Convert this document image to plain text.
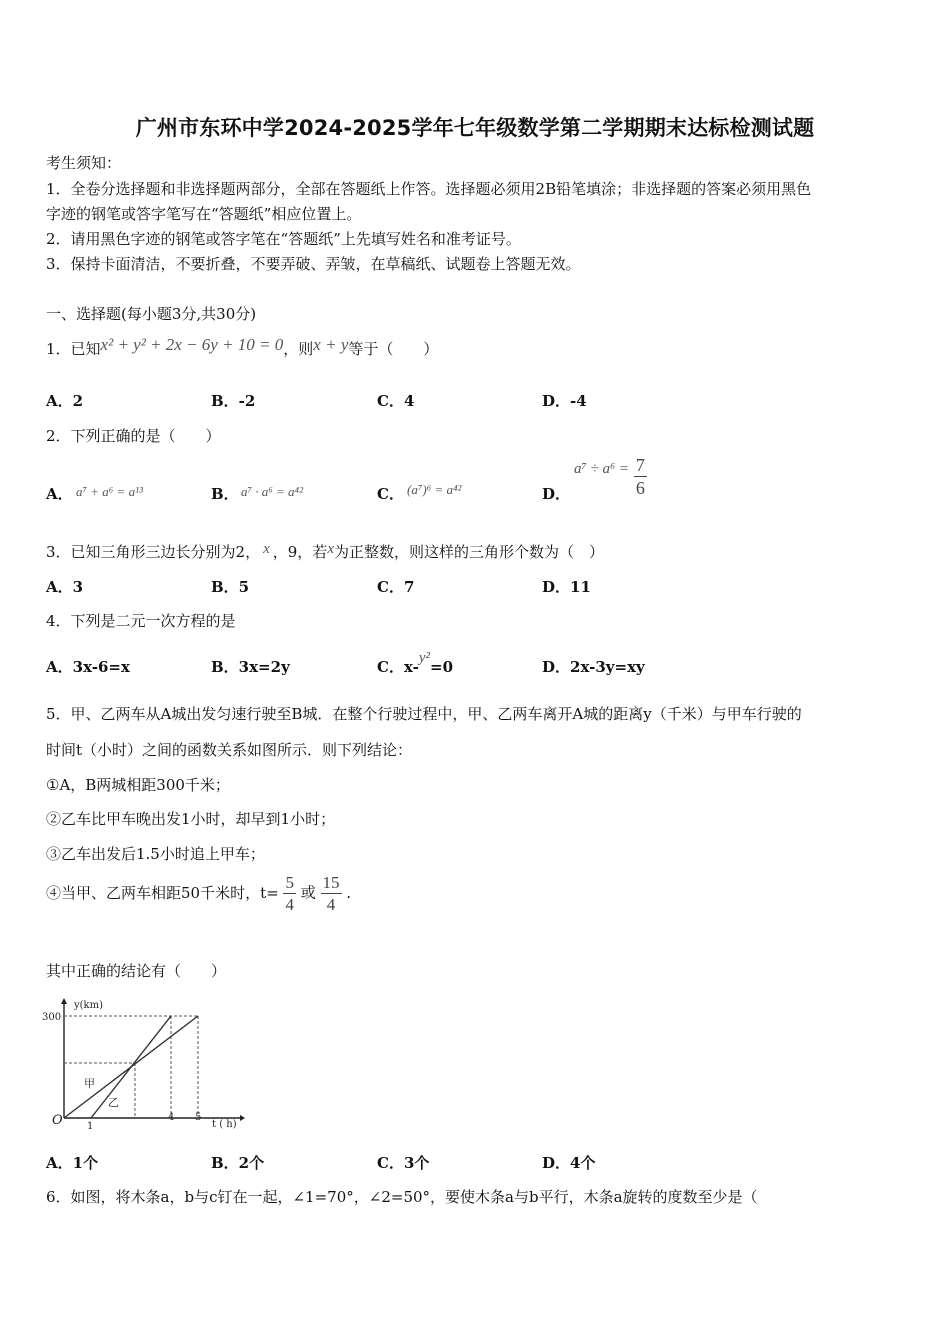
广州市东环中学2024-2025学年七年级数学第二学期期末达标检测试题
考生须知：
1．全卷分选择题和非选择题两部分，全部在答题纸上作答。选择题必须用2B铅笔填涂；非选择题的答案必须用黑色
字迹的钢笔或答字笔写在“答题纸”相应位置上。
2．请用黑色字迹的钢笔或答字笔在“答题纸”上先填写姓名和准考证号。
3．保持卡面清洁，不要折叠，不要弄破、弄皱，在草稿纸、试题卷上答题无效。
一、选择题(每小题3分,共30分)
1．已知x² + y² + 2x − 6y + 10 = 0，则x + y等于（　　）
A．2	B．-2	C．4	D．-4
2．下列正确的是（　　）
A． a⁷ + a⁶ = a¹³	B． a⁷ · a⁶ = a⁴²	C． (a⁷)⁶ = a⁴²	D．
$a^7 \div a^6 = \frac{7}{6}$
3．已知三角形三边长分别为2， x ，9，若x为正整数，则这样的三角形个数为（　）
A．3	B．5	C．7	D．11
4．下列是二元一次方程的是
A．3x-6=x	B．3x=2y	C．x-y²=0	D．2x-3y=xy
5．甲、乙两车从A城出发匀速行驶至B城．在整个行驶过程中，甲、乙两车离开A城的距离y（千米）与甲车行驶的
时间t（小时）之间的函数关系如图所示．则下列结论：
①A，B两城相距300千米；
②乙车比甲车晚出发1小时，却早到1小时；
③乙车出发后1.5小时追上甲车；
④当甲、乙两车相距50千米时，$t= \frac{5}{4}$ 或 $\frac{15}{4}$ ．
其中正确的结论有（　　）
y(km)
300
O 1
4 5
t ( h)
甲
乙
A．1个	B．2个	C．3个	D．4个
6．如图，将木条a，b与c钉在一起，∠1=70°，∠2=50°，要使木条a与b平行，木条a旋转的度数至少是（
